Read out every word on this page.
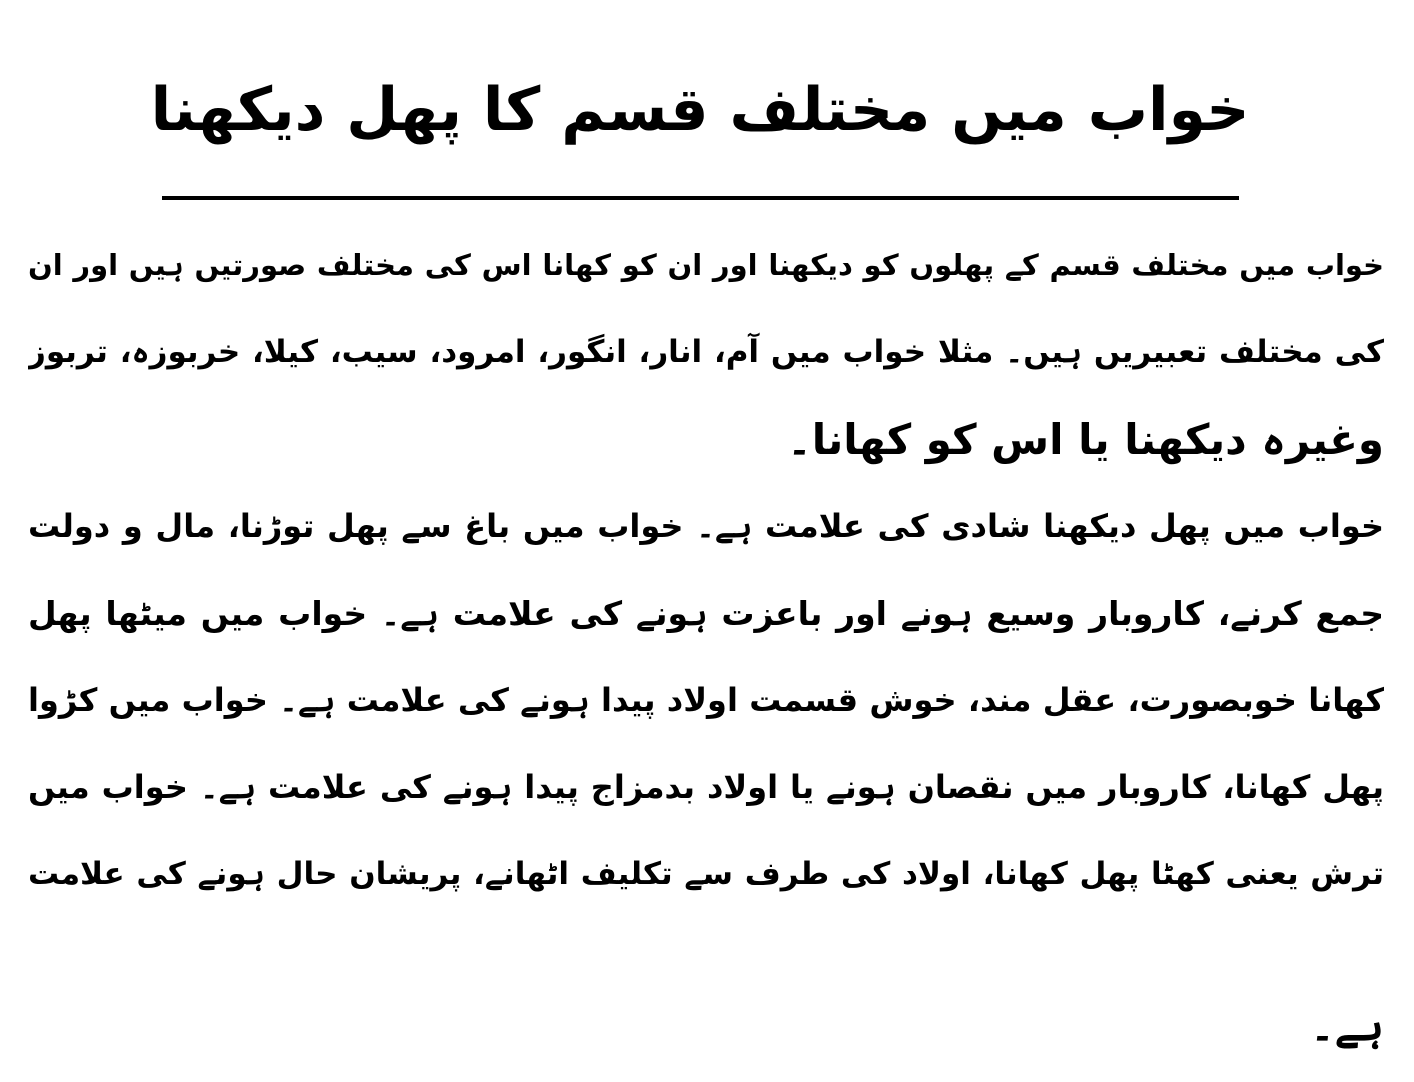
خواب میں مختلف قسم کا پھل دیکھنا
خواب میں مختلف قسم کے پھلوں کو دیکھنا اور ان کو کھانا اس کی مختلف صورتیں ہیں اور ان
کی مختلف تعبیریں ہیں۔ مثلا خواب میں آم، انار، انگور، امرود، سیب، کیلا، خربوزہ، تربوز
وغیرہ دیکھنا یا اس کو کھانا۔
خواب میں پھل دیکھنا شادی کی علامت ہے۔ خواب میں باغ سے پھل توڑنا، مال و دولت
جمع کرنے، کاروبار وسیع ہونے اور باعزت ہونے کی علامت ہے۔ خواب میں میٹھا پھل
کھانا خوبصورت، عقل مند، خوش قسمت اولاد پیدا ہونے کی علامت ہے۔ خواب میں کڑوا
پھل کھانا، کاروبار میں نقصان ہونے یا اولاد بدمزاج پیدا ہونے کی علامت ہے۔ خواب میں
ترش یعنی کھٹا پھل کھانا، اولاد کی طرف سے تکلیف اٹھانے، پریشان حال ہونے کی علامت
ہے۔
